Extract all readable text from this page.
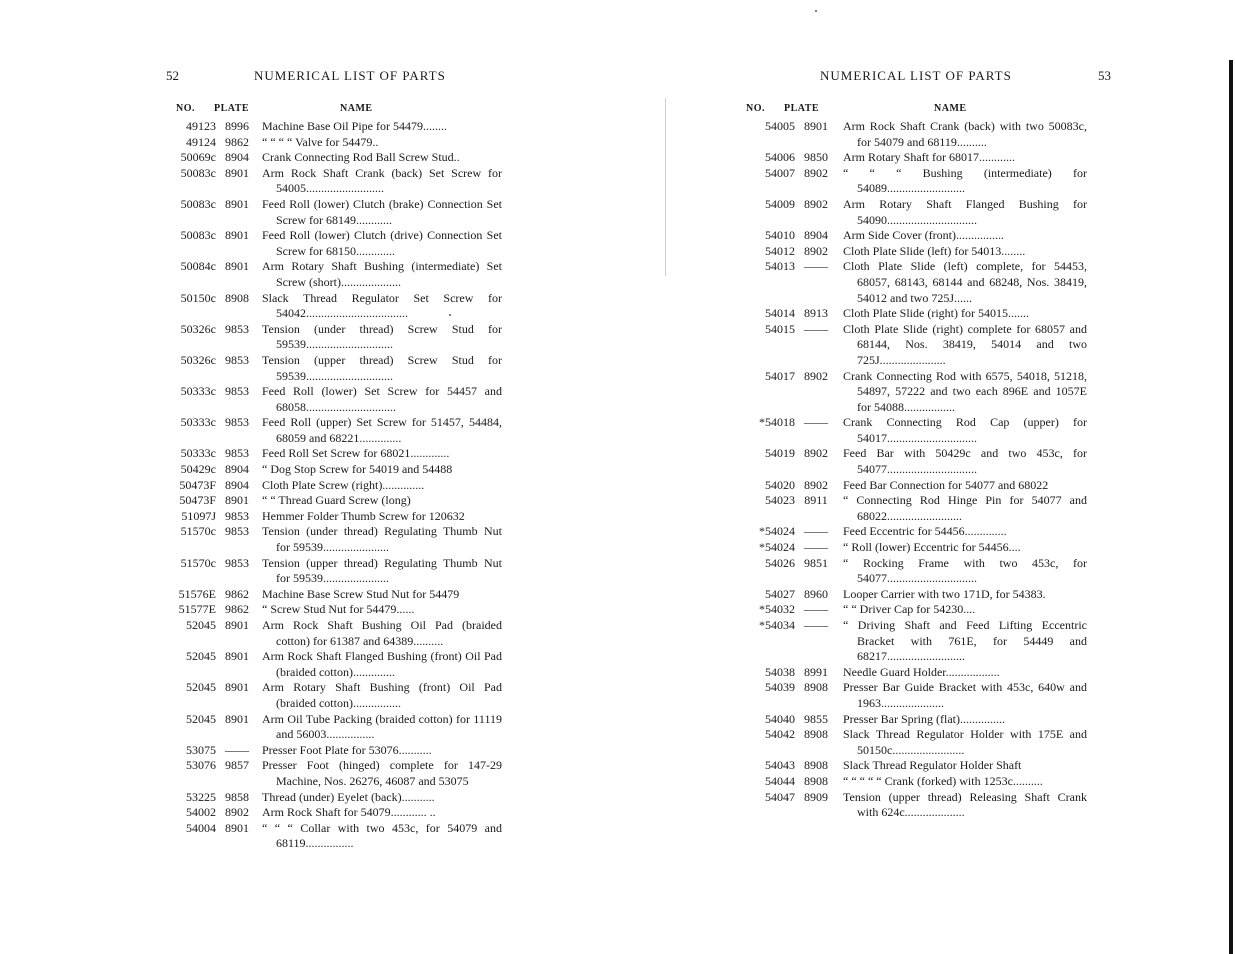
52	NUMERICAL LIST OF PARTS
NO. PLATE	NAME
49123 8996	Machine Base Oil Pipe for 54479........
49124 9862	“ “ “ “ Valve for 54479..
50069c 8904	Crank Connecting Rod Ball Screw Stud..
50083c 8901	Arm Rock Shaft Crank (back) Set Screw for 54005..........................
50083c 8901	Feed Roll (lower) Clutch (brake) Connection Set Screw for 68149............
50083c 8901	Feed Roll (lower) Clutch (drive) Connection Set Screw for 68150.............
50084c 8901	Arm Rotary Shaft Bushing (intermediate) Set Screw (short)....................
50150c 8908	Slack Thread Regulator Set Screw for 54042..................................
50326c 9853	Tension (under thread) Screw Stud for 59539.............................
50326c 9853	Tension (upper thread) Screw Stud for 59539.............................
50333c 9853	Feed Roll (lower) Set Screw for 54457 and 68058..............................
50333c 9853	Feed Roll (upper) Set Screw for 51457, 54484, 68059 and 68221..............
50333c 9853	Feed Roll Set Screw for 68021.............
50429c 8904	“ Dog Stop Screw for 54019 and 54488
50473F 8904	Cloth Plate Screw (right)..............
50473F 8901	“ “ Thread Guard Screw (long)
51097J 9853	Hemmer Folder Thumb Screw for 120632
51570c 9853	Tension (under thread) Regulating Thumb Nut for 59539......................
51570c 9853	Tension (upper thread) Regulating Thumb Nut for 59539......................
51576E 9862	Machine Base Screw Stud Nut for 54479
51577E 9862	“ Screw Stud Nut for 54479......
52045 8901	Arm Rock Shaft Bushing Oil Pad (braided cotton) for 61387 and 64389..........
52045 8901	Arm Rock Shaft Flanged Bushing (front) Oil Pad (braided cotton)..............
52045 8901	Arm Rotary Shaft Bushing (front) Oil Pad (braided cotton)................
52045 8901	Arm Oil Tube Packing (braided cotton) for 11119 and 56003................
53075 ——	Presser Foot Plate for 53076...........
53076 9857	Presser Foot (hinged) complete for 147-29 Machine, Nos. 26276, 46087 and 53075
53225 9858	Thread (under) Eyelet (back)...........
54002 8902	Arm Rock Shaft for 54079............ ..
54004 8901	“ “ “ Collar with two 453c, for 54079 and 68119................
NUMERICAL LIST OF PARTS	53
NO. PLATE	NAME
54005 8901	Arm Rock Shaft Crank (back) with two 50083c, for 54079 and 68119..........
54006 9850	Arm Rotary Shaft for 68017............
54007 8902	“ “ “ Bushing (intermediate) for 54089..........................
54009 8902	Arm Rotary Shaft Flanged Bushing for 54090..............................
54010 8904	Arm Side Cover (front)................
54012 8902	Cloth Plate Slide (left) for 54013........
54013 ——	Cloth Plate Slide (left) complete, for 54453, 68057, 68143, 68144 and 68248, Nos. 38419, 54012 and two 725J......
54014 8913	Cloth Plate Slide (right) for 54015.......
54015 ——	Cloth Plate Slide (right) complete for 68057 and 68144, Nos. 38419, 54014 and two 725J......................
54017 8902	Crank Connecting Rod with 6575, 54018, 51218, 54897, 57222 and two each 896E and 1057E for 54088.................
*54018 ——	Crank Connecting Rod Cap (upper) for 54017..............................
54019 8902	Feed Bar with 50429c and two 453c, for 54077..............................
54020 8902	Feed Bar Connection for 54077 and 68022
54023 8911	“ Connecting Rod Hinge Pin for 54077 and 68022.........................
*54024 ——	Feed Eccentric for 54456..............
*54024 ——	“ Roll (lower) Eccentric for 54456....
54026 9851	“ Rocking Frame with two 453c, for 54077..............................
54027 8960	Looper Carrier with two 171D, for 54383.
*54032 ——	“ “ Driver Cap for 54230....
*54034 ——	“ Driving Shaft and Feed Lifting Eccentric Bracket with 761E, for 54449 and 68217..........................
54038 8991	Needle Guard Holder..................
54039 8908	Presser Bar Guide Bracket with 453c, 640w and 1963.....................
54040 9855	Presser Bar Spring (flat)...............
54042 8908	Slack Thread Regulator Holder with 175E and 50150c........................
54043 8908	Slack Thread Regulator Holder Shaft
54044 8908	“ “ “ “ “ Crank (forked) with 1253c..........
54047 8909	Tension (upper thread) Releasing Shaft Crank with 624c....................
